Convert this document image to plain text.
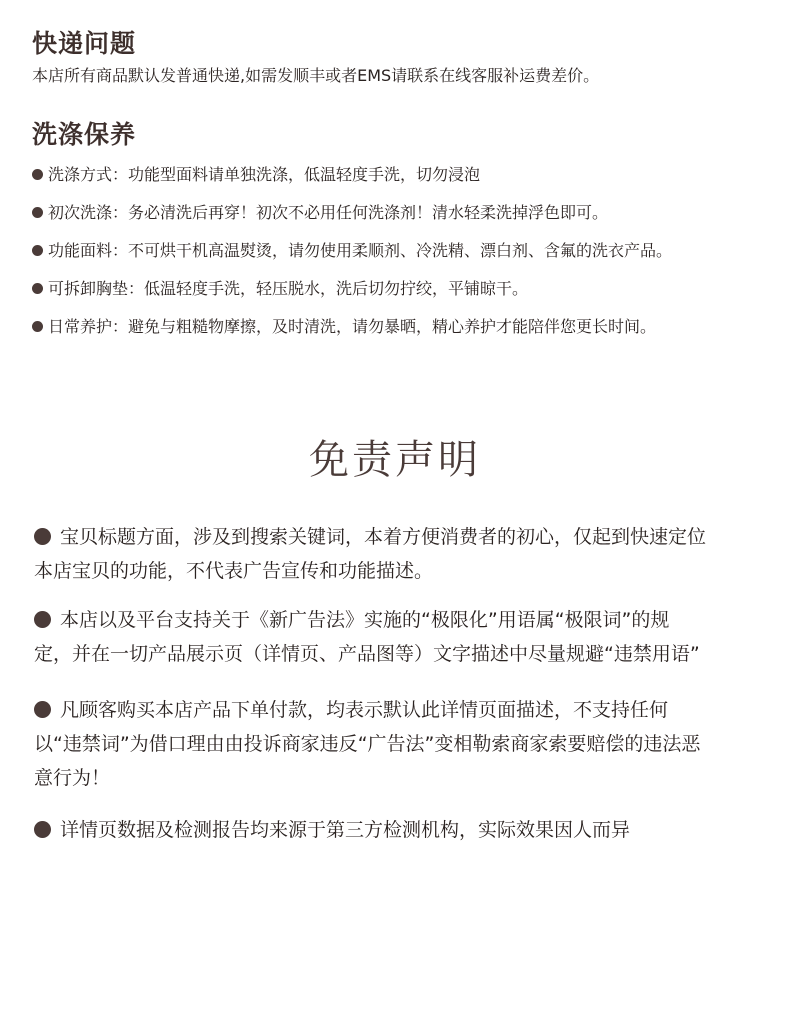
快递问题
本店所有商品默认发普通快递,如需发顺丰或者EMS请联系在线客服补运费差价。
洗涤保养
洗涤方式：功能型面料请单独洗涤，低温轻度手洗，切勿浸泡
初次洗涤：务必清洗后再穿！初次不必用任何洗涤剂！清水轻柔洗掉浮色即可。
功能面料：不可烘干机高温熨烫，请勿使用柔顺剂、冷洗精、漂白剂、含氟的洗衣产品。
可拆卸胸垫：低温轻度手洗，轻压脱水，洗后切勿拧绞，平铺晾干。
日常养护：避免与粗糙物摩擦，及时清洗，请勿暴晒，精心养护才能陪伴您更长时间。
免责声明
宝贝标题方面，涉及到搜索关键词，本着方便消费者的初心，仅起到快速定位
本店宝贝的功能，不代表广告宣传和功能描述。
本店以及平台支持关于《新广告法》实施的“极限化”用语属“极限词”的规
定，并在一切产品展示页（详情页、产品图等）文字描述中尽量规避“违禁用语”
凡顾客购买本店产品下单付款，均表示默认此详情页面描述，不支持任何
以“违禁词”为借口理由由投诉商家违反“广告法”变相勒索商家索要赔偿的违法恶
意行为！
详情页数据及检测报告均来源于第三方检测机构，实际效果因人而异
